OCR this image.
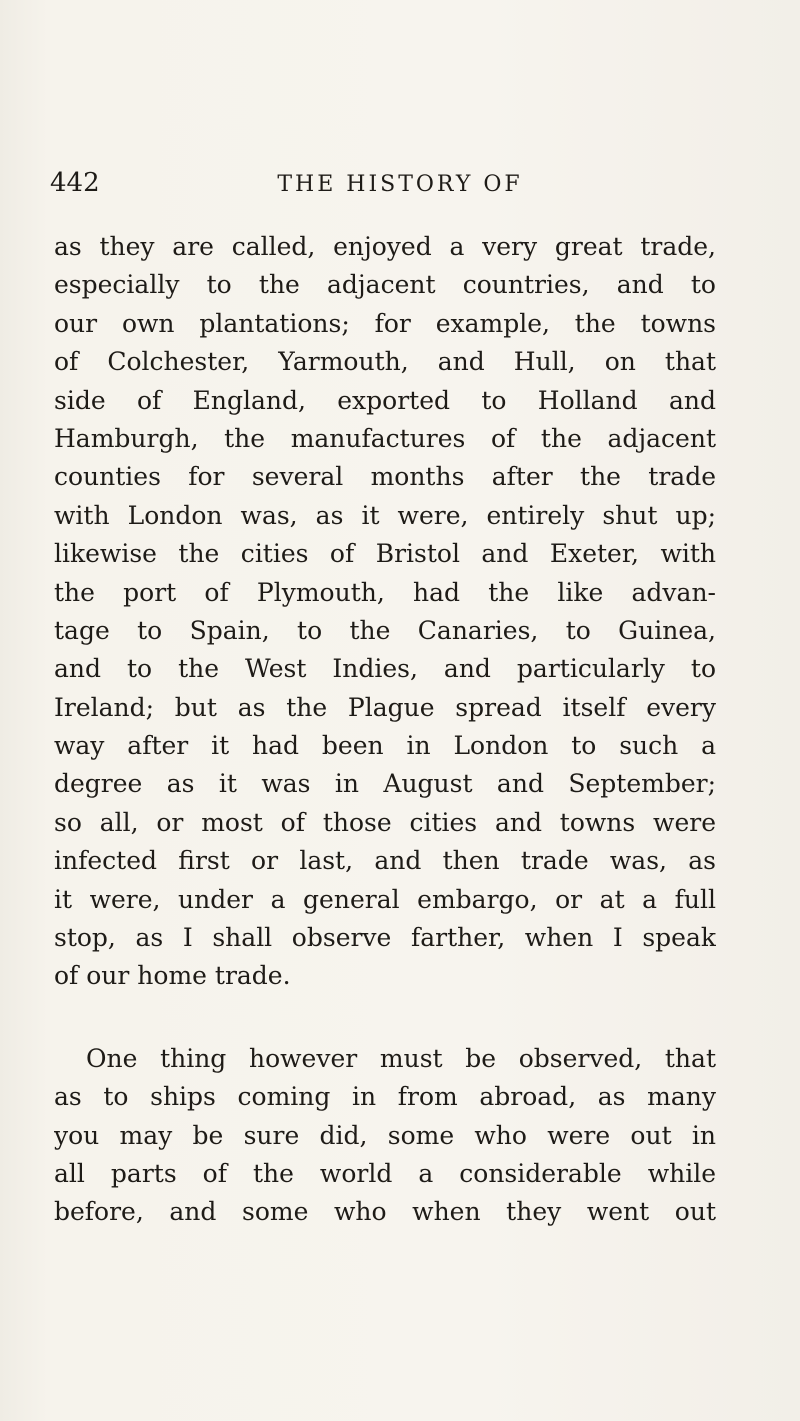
442	THE HISTORY OF
as they are called, enjoyed a very great trade,
especially to the adjacent countries, and to
our own plantations; for example, the towns
of Colchester, Yarmouth, and Hull, on that
side of England, exported to Holland and
Hamburgh, the manufactures of the adjacent
counties for several months after the trade
with London was, as it were, entirely shut up;
likewise the cities of Bristol and Exeter, with
the port of Plymouth, had the like advan-
tage to Spain, to the Canaries, to Guinea,
and to the West Indies, and particularly to
Ireland; but as the Plague spread itself every
way after it had been in London to such a
degree as it was in August and September;
so all, or most of those cities and towns were
infected first or last, and then trade was, as
it were, under a general embargo, or at a full
stop, as I shall observe farther, when I speak
of our home trade.
One thing however must be observed, that
as to ships coming in from abroad, as many
you may be sure did, some who were out in
all parts of the world a considerable while
before, and some who when they went out
